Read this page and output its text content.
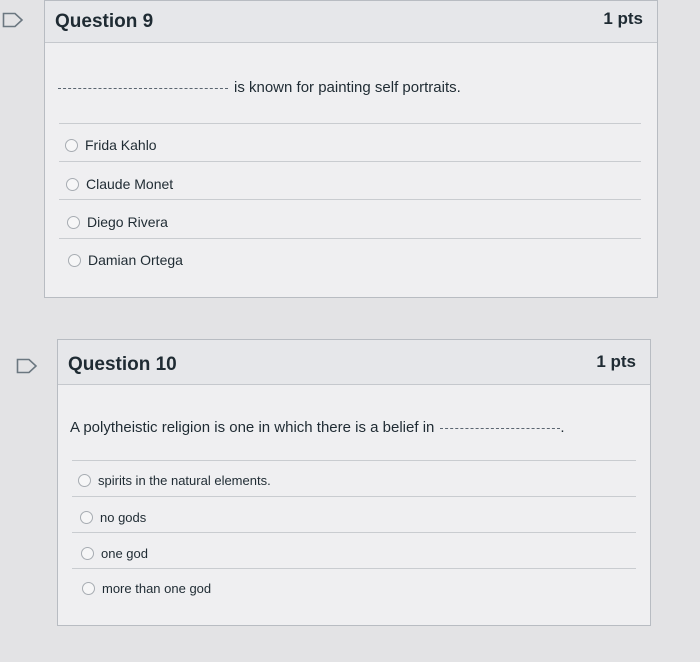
Question 9	1 pts
is known for painting self portraits.
Frida Kahlo
Claude Monet
Diego Rivera
Damian Ortega
Question 10	1 pts
A polytheistic religion is one in which there is a belief in	.
spirits in the natural elements.
no gods
one god
more than one god
